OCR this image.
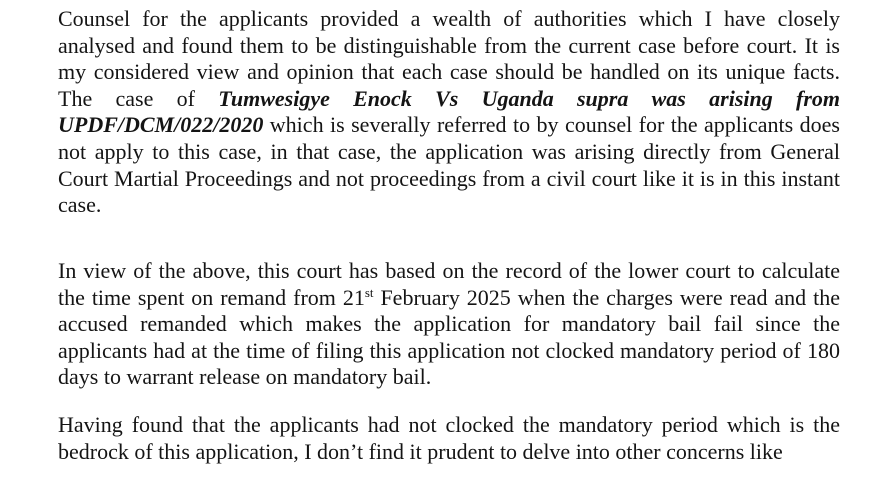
Counsel for the applicants provided a wealth of authorities which I have closely analysed and found them to be distinguishable from the current case before court. It is my considered view and opinion that each case should be handled on its unique facts. The case of Tumwesigye Enock Vs Uganda supra was arising from UPDF/DCM/022/2020 which is severally referred to by counsel for the applicants does not apply to this case, in that case, the application was arising directly from General Court Martial Proceedings and not proceedings from a civil court like it is in this instant case.

In view of the above, this court has based on the record of the lower court to calculate the time spent on remand from 21st February 2025 when the charges were read and the accused remanded which makes the application for mandatory bail fail since the applicants had at the time of filing this application not clocked mandatory period of 180 days to warrant release on mandatory bail.

Having found that the applicants had not clocked the mandatory period which is the bedrock of this application, I don’t find it prudent to delve into other concerns like
